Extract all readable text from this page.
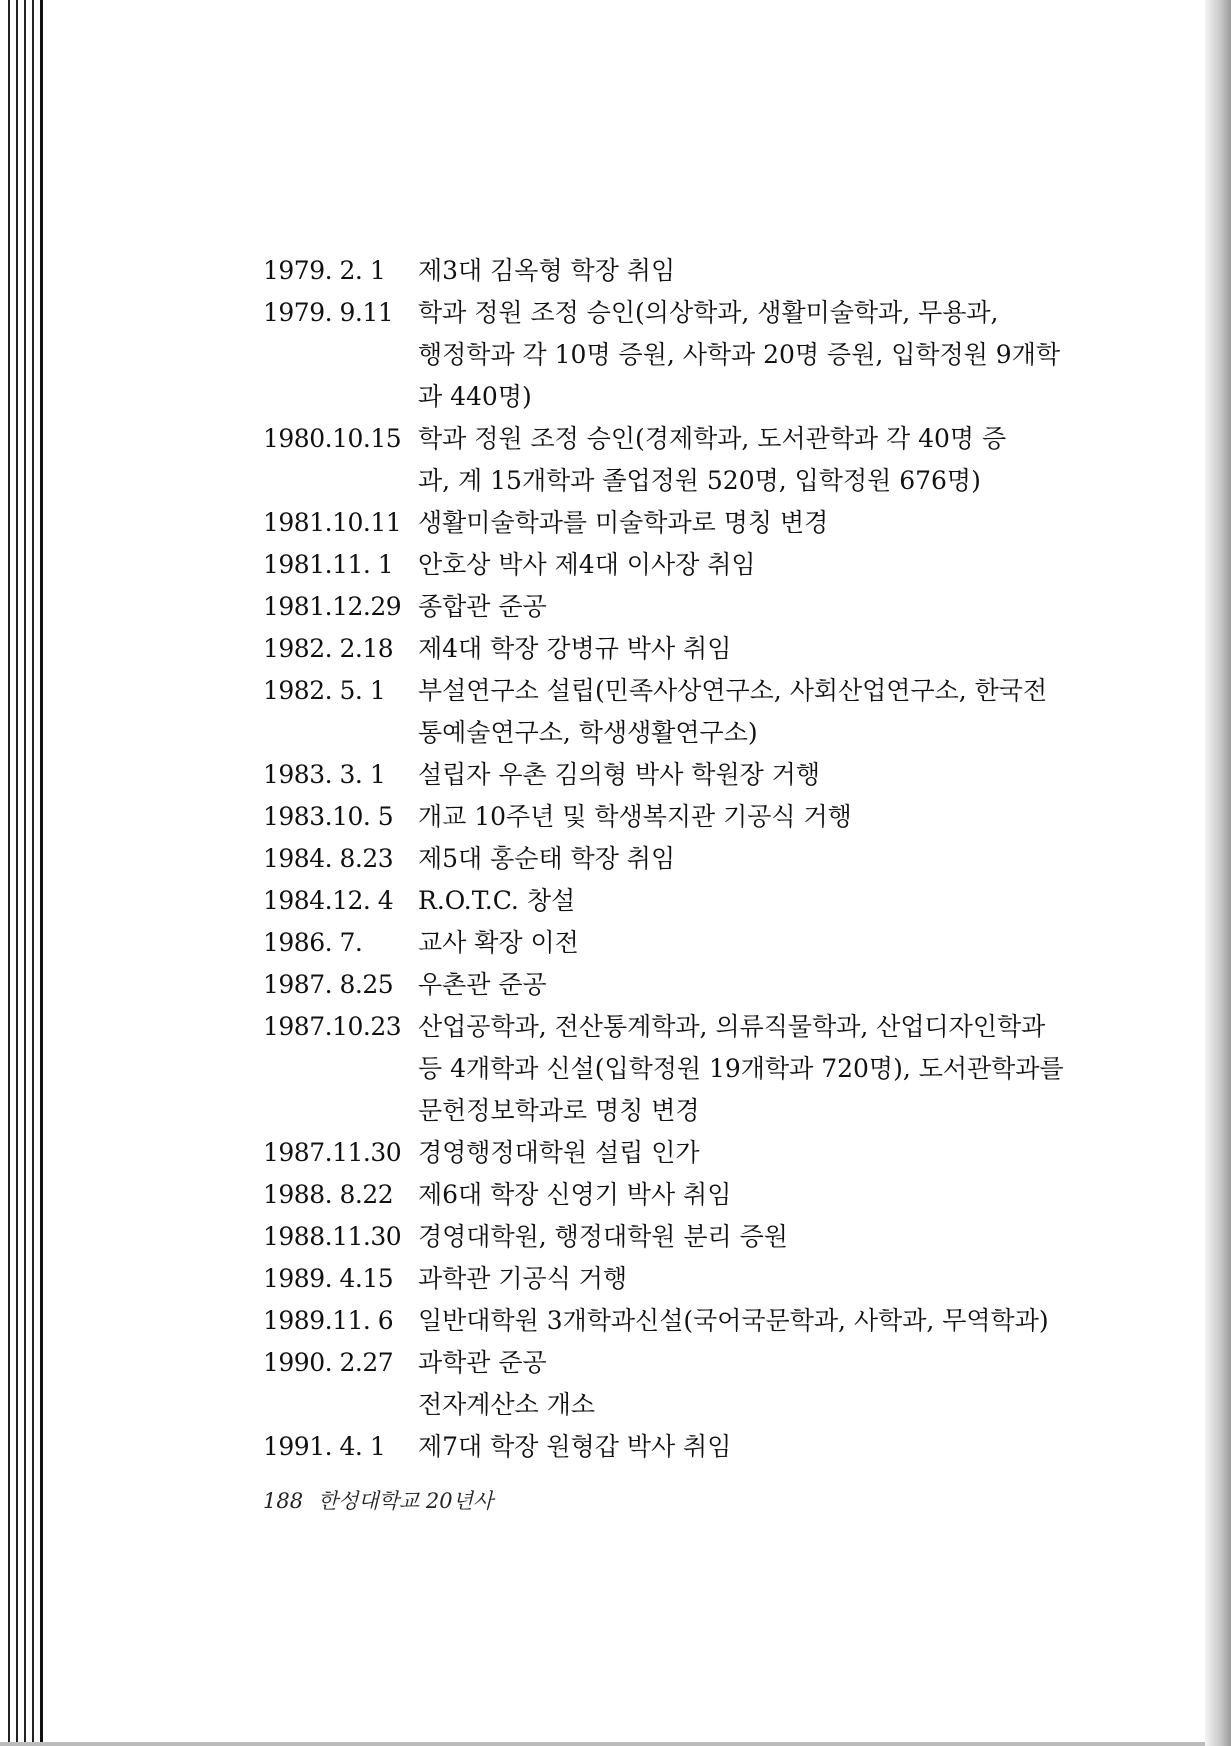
1979. 2. 1	제3대 김옥형 학장 취임
1979. 9.11 학과 정원 조정 승인(의상학과, 생활미술학과, 무용과,
행정학과 각 10명 증원, 사학과 20명 증원, 입학정원 9개학
과 440명)
1980.10.15 학과 정원 조정 승인(경제학과, 도서관학과 각 40명 증
과, 계 15개학과 졸업정원 520명, 입학정원 676명)
1981.10.11 생활미술학과를 미술학과로 명칭 변경
1981.11. 1 안호상 박사 제4대 이사장 취임
1981.12.29 종합관 준공
1982. 2.18 제4대 학장 강병규 박사 취임
1982. 5. 1	부설연구소 설립(민족사상연구소, 사회산업연구소, 한국전
통예술연구소, 학생생활연구소)
1983. 3. 1	설립자 우촌 김의형 박사 학원장 거행
1983.10. 5 개교 10주년 및 학생복지관 기공식 거행
1984. 8.23 제5대 홍순태 학장 취임
1984.12. 4 R.O.T.C. 창설
1986. 7.	교사 확장 이전
1987. 8.25 우촌관 준공
1987.10.23 산업공학과, 전산통계학과, 의류직물학과, 산업디자인학과
등 4개학과 신설(입학정원 19개학과 720명), 도서관학과를
문헌정보학과로 명칭 변경
1987.11.30 경영행정대학원 설립 인가
1988. 8.22 제6대 학장 신영기 박사 취임
1988.11.30 경영대학원, 행정대학원 분리 증원
1989. 4.15 과학관 기공식 거행
1989.11. 6 일반대학원 3개학과신설(국어국문학과, 사학과, 무역학과)
1990. 2.27 과학관 준공
전자계산소 개소
1991. 4. 1	제7대 학장 원형갑 박사 취임
188 한성대학교 20년사
